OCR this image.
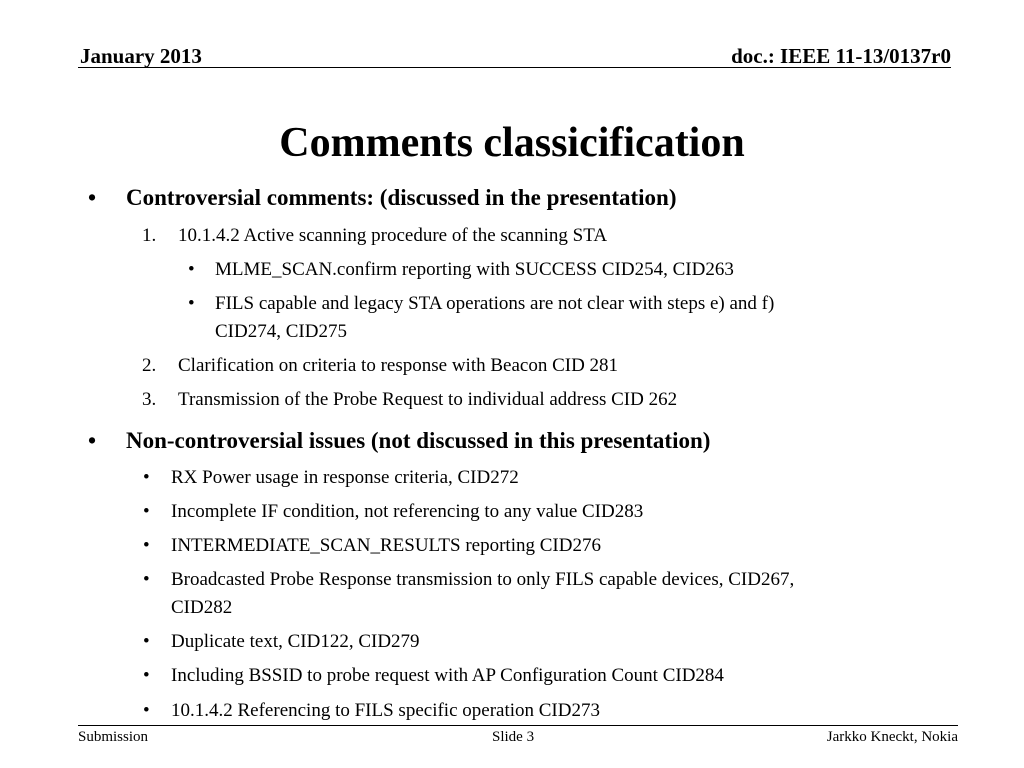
January 2013	doc.: IEEE 11-13/0137r0
Comments classicification
• Controversial comments: (discussed in the presentation)
1. 10.1.4.2 Active scanning procedure of the scanning STA
• MLME_SCAN.confirm reporting with SUCCESS CID254, CID263
• FILS capable and legacy STA operations are not clear with steps e) and f)
CID274, CID275
2. Clarification on criteria to response with Beacon CID 281
3. Transmission of the Probe Request to individual address CID 262
• Non-controversial issues (not discussed in this presentation)
• RX Power usage in response criteria, CID272
• Incomplete IF condition, not referencing to any value CID283
• INTERMEDIATE_SCAN_RESULTS reporting CID276
• Broadcasted Probe Response transmission to only FILS capable devices, CID267,
CID282
• Duplicate text, CID122, CID279
• Including BSSID to probe request with AP Configuration Count CID284
• 10.1.4.2 Referencing to FILS specific operation CID273
Submission	Slide 3	Jarkko Kneckt, Nokia
